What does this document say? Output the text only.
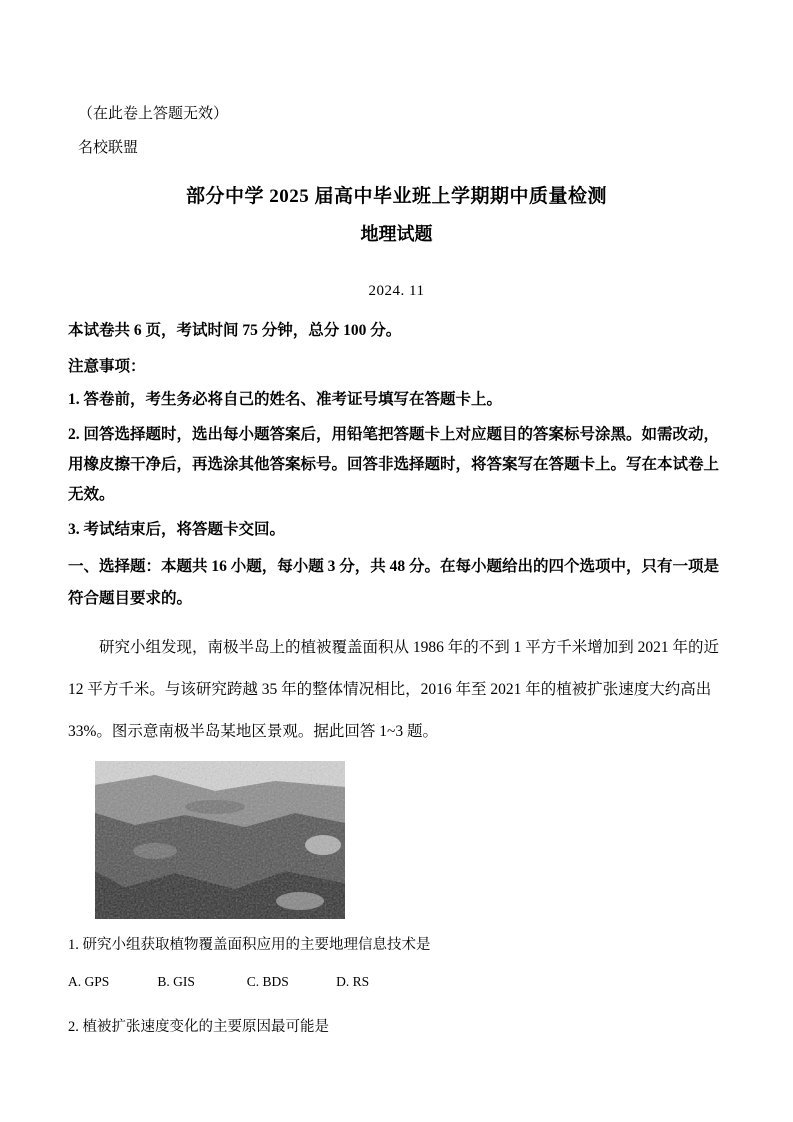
（在此卷上答题无效）
名校联盟
部分中学 2025 届高中毕业班上学期期中质量检测
地理试题
2024. 11
本试卷共 6 页，考试时间 75 分钟，总分 100 分。
注意事项：
1. 答卷前，考生务必将自己的姓名、准考证号填写在答题卡上。
2. 回答选择题时，选出每小题答案后，用铅笔把答题卡上对应题目的答案标号涂黑。如需改动，用橡皮擦干净后，再选涂其他答案标号。回答非选择题时，将答案写在答题卡上。写在本试卷上无效。
3. 考试结束后，将答题卡交回。
一、选择题：本题共 16 小题，每小题 3 分，共 48 分。在每小题给出的四个选项中，只有一项是符合题目要求的。
研究小组发现，南极半岛上的植被覆盖面积从 1986 年的不到 1 平方千米增加到 2021 年的近 12 平方千米。与该研究跨越 35 年的整体情况相比，2016 年至 2021 年的植被扩张速度大约高出 33%。图示意南极半岛某地区景观。据此回答 1~3 题。
1. 研究小组获取植物覆盖面积应用的主要地理信息技术是
A. GPS	B. GIS	C. BDS	D. RS
2. 植被扩张速度变化的主要原因最可能是
